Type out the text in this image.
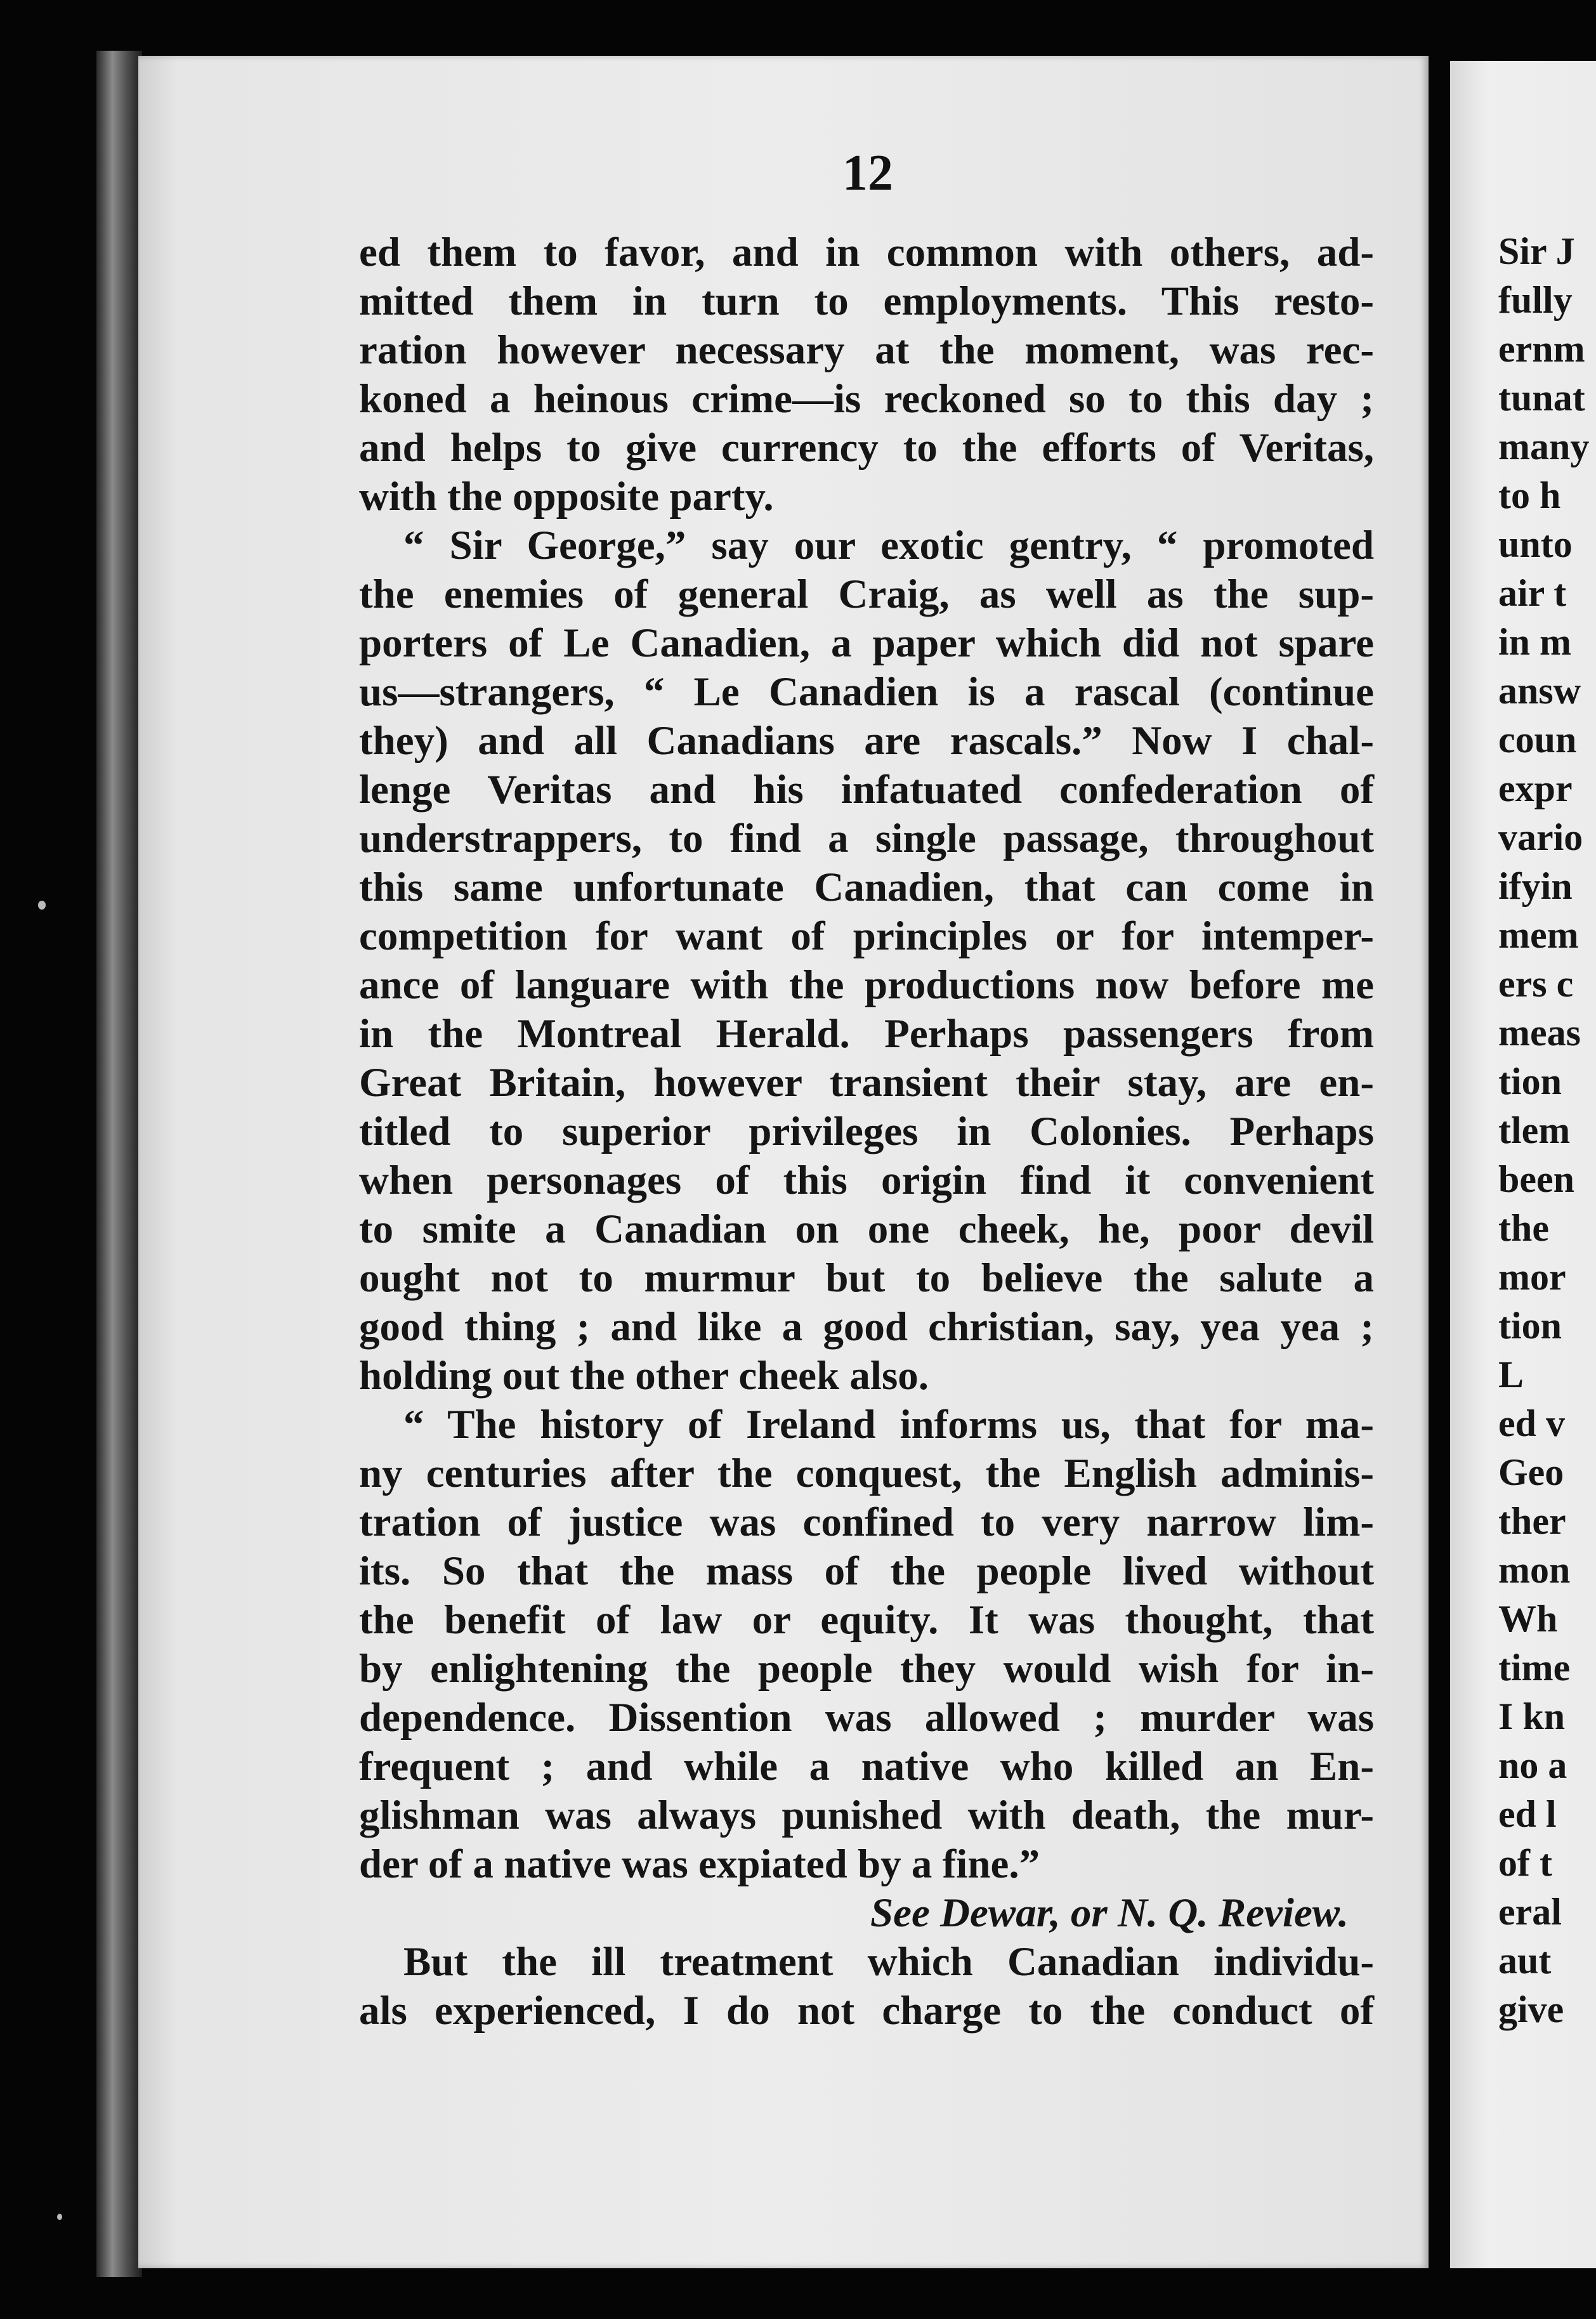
12
ed them to favor, and in common with others, ad-
mitted them in turn to employments. This resto-
ration however necessary at the moment, was rec-
koned a heinous crime—is reckoned so to this day ;
and helps to give currency to the efforts of Veritas,
with the opposite party.
“ Sir George,” say our exotic gentry, “ promoted
the enemies of general Craig, as well as the sup-
porters of Le Canadien, a paper which did not spare
us—strangers, “ Le Canadien is a rascal (continue
they) and all Canadians are rascals.” Now I chal-
lenge Veritas and his infatuated confederation of
understrappers, to find a single passage, throughout
this same unfortunate Canadien, that can come in
competition for want of principles or for intemper-
ance of languare with the productions now before me
in the Montreal Herald. Perhaps passengers from
Great Britain, however transient their stay, are en-
titled to superior privileges in Colonies. Perhaps
when personages of this origin find it convenient
to smite a Canadian on one cheek, he, poor devil
ought not to murmur but to believe the salute a
good thing ; and like a good christian, say, yea yea ;
holding out the other cheek also.
“ The history of Ireland informs us, that for ma-
ny centuries after the conquest, the English adminis-
tration of justice was confined to very narrow lim-
its. So that the mass of the people lived without
the benefit of law or equity. It was thought, that
by enlightening the people they would wish for in-
dependence. Dissention was allowed ; murder was
frequent ; and while a native who killed an En-
glishman was always punished with death, the mur-
der of a native was expiated by a fine.”
See Dewar, or N. Q. Review.
But the ill treatment which Canadian individu-
als experienced, I do not charge to the conduct of
Sir J
fully
ernm
tunat
many
to h
unto
air t
in m
answ
coun
expr
vario
ifyin
mem
ers c
meas
tion
tlem
been
the
mor
tion
L
ed v
Geo
ther
mon
Wh
time
I kn
no a
ed l
of t
eral
aut
give
